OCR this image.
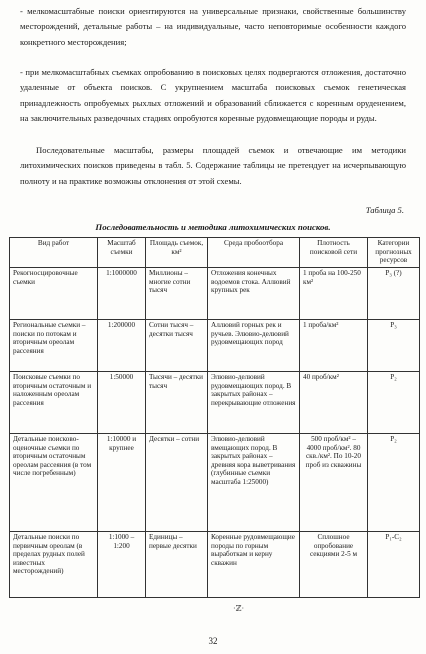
- мелкомасштабные поиски ориентируются на универсальные признаки, свойственные большинству месторождений, детальные работы – на индивидуальные, часто неповторимые особенности каждого конкретного месторождения;
- при мелкомасштабных съемках опробованию в поисковых целях подвергаются отложения, достаточно удаленные от объекта поисков. С укрупнением масштаба поисковых съемок генетическая принадлежность опробуемых рыхлых отложений и образований сближается с коренным оруденением, на заключительных разведочных стадиях опробуются коренные рудовмещающие породы и руды.
Последовательные масштабы, размеры площадей съемок и отвечающие им методики литохимических поисков приведены в табл. 5. Содержание таблицы не претендует на исчерпывающую полноту и на практике возможны отклонения от этой схемы.
Таблица 5.
Последовательность и методика литохимических поисков.
Вид работ	Масштаб съемки	Площадь съемок, км²	Среда пробоотбора	Плотность поисковой сети	Категории прогнозных ресурсов
Рекогносцировочные съемки	1:1000000	Миллионы – многие сотни тысяч	Отложения конечных водоемов стока. Аллювий крупных рек	1 проба на 100-250 км²	P₃ (?)
Региональные съемки – поиски по потокам и вторичным ореолам рассеяния	1:200000	Сотни тысяч – десятки тысяч	Аллювий горных рек и ручьев. Элювио-делювий рудовмещающих пород	1 проба/км²	P₃
Поисковые съемки по вторичным остаточным и наложенным ореолам рассеяния	1:50000	Тысячи – десятки тысяч	Элювио-делювий рудовмещающих пород. В закрытых районах – перекрывающие отложения	40 проб/км²	P₂
Детальные поисково-оценочные съемки по вторичным остаточным ореолам рассеяния (в том числе погребенным)	1:10000 и крупнее	Десятки – сотни	Элювио-делювий вмещающих пород. В закрытых районах – древняя кора выветривания (глубинные съемки масштаба 1:25000)	500 проб/км² – 4000 проб/км². 80 скв./км². По 10-20 проб из скважины	P₂
Детальные поиски по первичным ореолам (в пределах рудных полей известных месторождений)	1:1000 – 1:200	Единицы – первые десятки	Коренные рудовмещающие породы по горным выработкам и керну скважин	Сплошное опробование секциями 2-5 м	P₁-C₂
·ℤ·
32
